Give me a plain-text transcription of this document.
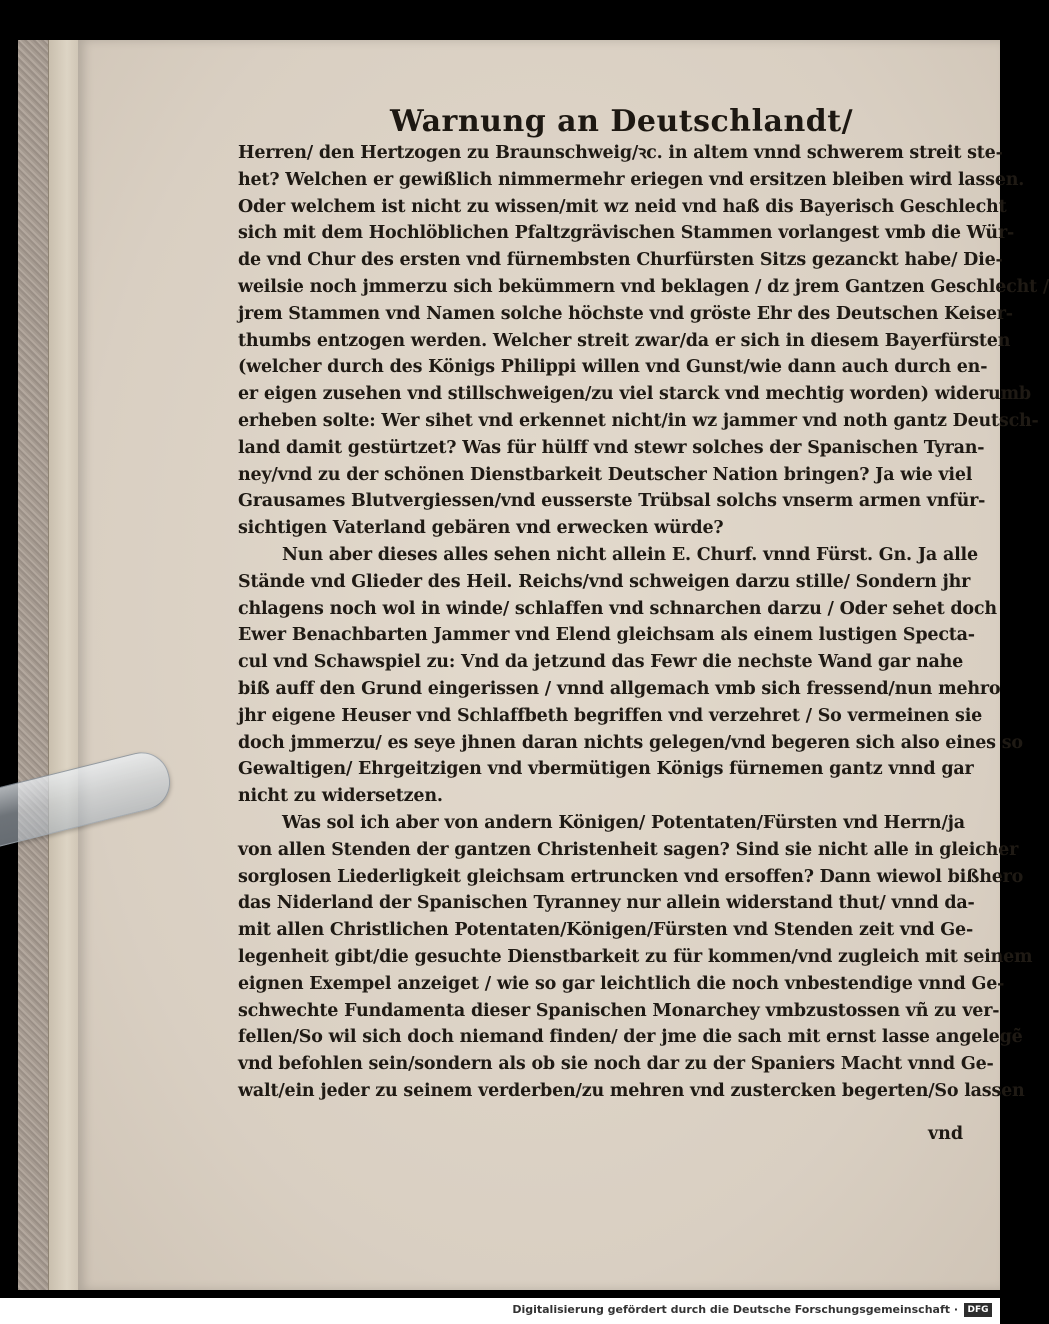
Warnung an Deutschlandt/
Herren/ den Hertzogen zu Braunschweig/ꝛc. in altem vnnd schwerem streit ste-
het? Welchen er gewißlich nimmermehr eriegen vnd ersitzen bleiben wird lassen.
Oder welchem ist nicht zu wissen/mit wz neid vnd haß dis Bayerisch Geschlecht
sich mit dem Hochlöblichen Pfaltzgrävischen Stammen vorlangest vmb die Wür-
de vnd Chur des ersten vnd fürnembsten Churfürsten Sitzs gezanckt habe/ Die-
weilsie noch jmmerzu sich bekümmern vnd beklagen / dz jrem Gantzen Geschlecht /
jrem Stammen vnd Namen solche höchste vnd gröste Ehr des Deutschen Keiser-
thumbs entzogen werden. Welcher streit zwar/da er sich in diesem Bayerfürsten
(welcher durch des Königs Philippi willen vnd Gunst/wie dann auch durch en-
er eigen zusehen vnd stillschweigen/zu viel starck vnd mechtig worden) widerumb
erheben solte: Wer sihet vnd erkennet nicht/in wz jammer vnd noth gantz Deutsch-
land damit gestürtzet? Was für hülff vnd stewr solches der Spanischen Tyran-
ney/vnd zu der schönen Dienstbarkeit Deutscher Nation bringen? Ja wie viel
Grausames Blutvergiessen/vnd eusserste Trübsal solchs vnserm armen vnfür-
sichtigen Vaterland gebären vnd erwecken würde?
Nun aber dieses alles sehen nicht allein E. Churf. vnnd Fürst. Gn. Ja alle
Stände vnd Glieder des Heil. Reichs/vnd schweigen darzu stille/ Sondern jhr
chlagens noch wol in winde/ schlaffen vnd schnarchen darzu / Oder sehet doch
Ewer Benachbarten Jammer vnd Elend gleichsam als einem lustigen Specta-
cul vnd Schawspiel zu: Vnd da jetzund das Fewr die nechste Wand gar nahe
biß auff den Grund eingerissen / vnnd allgemach vmb sich fressend/nun mehro
jhr eigene Heuser vnd Schlaffbeth begriffen vnd verzehret / So vermeinen sie
doch jmmerzu/ es seye jhnen daran nichts gelegen/vnd begeren sich also eines so
Gewaltigen/ Ehrgeitzigen vnd vbermütigen Königs fürnemen gantz vnnd gar
nicht zu widersetzen.
Was sol ich aber von andern Königen/ Potentaten/Fürsten vnd Herrn/ja
von allen Stenden der gantzen Christenheit sagen? Sind sie nicht alle in gleicher
sorglosen Liederligkeit gleichsam ertruncken vnd ersoffen? Dann wiewol bißhero
das Niderland der Spanischen Tyranney nur allein widerstand thut/ vnnd da-
mit allen Christlichen Potentaten/Königen/Fürsten vnd Stenden zeit vnd Ge-
legenheit gibt/die gesuchte Dienstbarkeit zu für kommen/vnd zugleich mit seinem
eignen Exempel anzeiget / wie so gar leichtlich die noch vnbestendige vnnd Ge-
schwechte Fundamenta dieser Spanischen Monarchey vmbzustossen vñ zu ver-
fellen/So wil sich doch niemand finden/ der jme die sach mit ernst lasse angelegẽ
vnd befohlen sein/sondern als ob sie noch dar zu der Spaniers Macht vnnd Ge-
walt/ein jeder zu seinem verderben/zu mehren vnd zustercken begerten/So lassen
vnd
Digitalisierung gefördert durch die Deutsche Forschungsgemeinschaft ·	DFG
